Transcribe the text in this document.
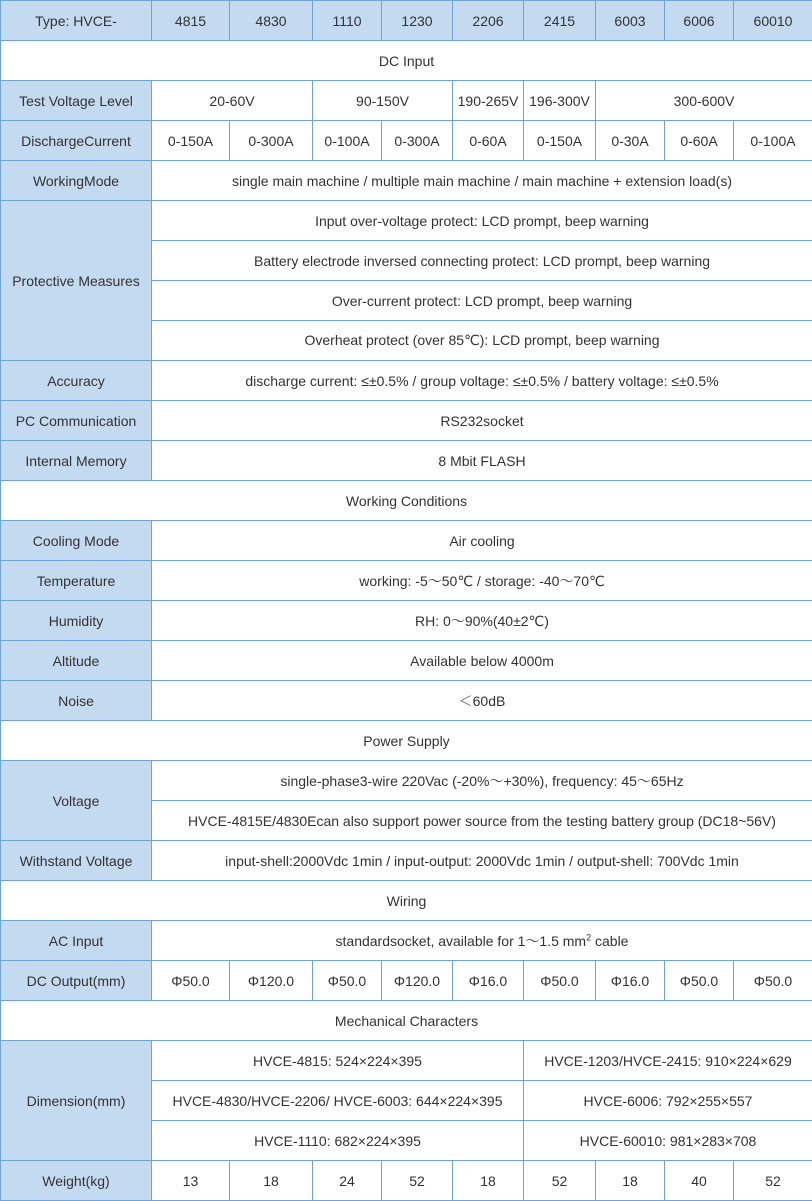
Type: HVCE-	4815	4830	1110	1230	2206	2415	6003	6006	60010
DC Input									
Test Voltage Level	20-60V		90-150V		190-265V	196-300V	300-600V		
DischargeCurrent	0-150A	0-300A	0-100A	0-300A	0-60A	0-150A	0-30A	0-60A	0-100A
WorkingMode	single main machine / multiple main machine / main machine + extension load(s)								
Protective Measures	Input over-voltage protect: LCD prompt, beep warning								
	Battery electrode inversed connecting protect: LCD prompt, beep warning								
	Over-current protect: LCD prompt, beep warning								
	Overheat protect (over 85℃): LCD prompt, beep warning								
Accuracy	discharge current: ≤±0.5% / group voltage: ≤±0.5% / battery voltage: ≤±0.5%								
PC Communication	RS232socket								
Internal Memory	8 Mbit FLASH								
Working Conditions									
Cooling Mode	Air cooling								
Temperature	working: -5～50℃ / storage: -40～70℃								
Humidity	RH: 0～90%(40±2℃)								
Altitude	Available below 4000m								
Noise	＜60dB								
Power Supply									
Voltage	single-phase3-wire 220Vac (-20%～+30%), frequency: 45～65Hz								
	HVCE-4815E/4830Ecan also support power source from the testing battery group (DC18~56V)								
Withstand Voltage	input-shell:2000Vdc 1min / input-output: 2000Vdc 1min / output-shell: 700Vdc 1min								
Wiring									
AC Input	standardsocket, available for 1～1.5 $mm^2$ cable								
DC Output(mm)	Φ50.0	Φ120.0	Φ50.0	Φ120.0	Φ16.0	Φ50.0	Φ16.0	Φ50.0	Φ50.0
Mechanical Characters									
Dimension(mm)	HVCE-4815: 524×224×395					HVCE-1203/HVCE-2415: 910×224×629			
	HVCE-4830/HVCE-2206/ HVCE-6003: 644×224×395					HVCE-6006: 792×255×557			
	HVCE-1110: 682×224×395					HVCE-60010: 981×283×708			
Weight(kg)	13	18	24	52	18	52	18	40	52
